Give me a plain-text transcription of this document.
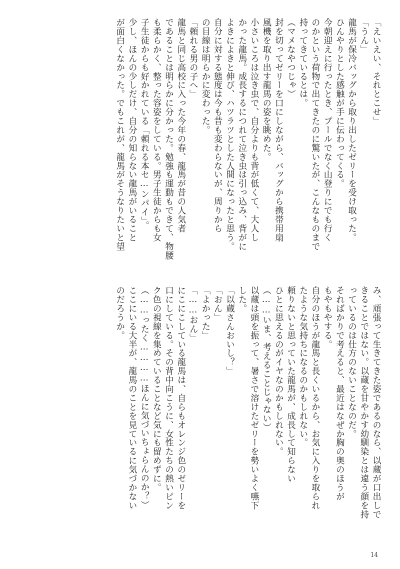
「えいえい、それとこせ」
「うん」
龍馬が保冷バッグから取り出したゼリーを受け取った。
ひんやりとした感触が手に伝わってくる。
今朝迎えに行ったとき、プールでなく山登りにでも行く
のかという荷物で出てきたのに驚いたが、こんなものまで
持ってきているとは。
（マメなやつじゃ）
封を切ってゼリーを口にしながら、バッグから携帯用扇
風機を取り出す龍馬の姿を眺めた。
小さいころは泣き虫で、自分よりも背が低くて、大人し
かった龍馬。成長するにつれて泣き虫は引っ込み、背がに
よきによきと伸び、ハツラツとした人間になったと思う。
自分に対する態度は今も昔も変わらないが、周りから
の目線は明らかに変わった。
「頼れる男の子へ」
龍馬と同じ高校に入った今年の春、龍馬が昔の人気者
であることは明らかに分かった。勉強も運動もできて、物腰
も柔らかく、整った容姿をしている。男子生徒からも女
子生徒からも好かれている「頼れる本セ…ンパイ」。
少し、ほんの少しだけ、自分の知らない龍馬がいること
が面白くなかった。でもこれが、龍馬がそうなりたいと望
み、頑張って生きてきた姿であるのなら、以蔵が口出しで
きることではない。以蔵を甘やかす幼馴染とは違う顔を持
っているのは仕方のないことなのだ。
そればかりで考えると、最近はなぜか胸の奥のほうが
もやもやする。
自分のほうが龍馬と長くいるから、お気に入りを取られ
たような気持ちになるのかもしれない。
頼りないと思っていた龍馬が、成長して知らない
ひとに思えるのがイヤなのかもしれない。
（……いま、考えることじゃない）
以蔵は頭を振って、暑さで溶けたゼリーを勢いよく嚥下
した。
「以蔵さんおいし？」
「おん」
「よかった」
「……おん」
にこにこしている龍馬は、自らもオレンジ色のゼリーを
口にしている。その背中向こうに、女性たちの熱いピン
ク色の視線を集めていることなど気にも留めずに。
（……ったく…………ほんに気づいちょらんのか？）
ここにいる大半が、龍馬のことを見ているに気づかない
のだろうか。
14
